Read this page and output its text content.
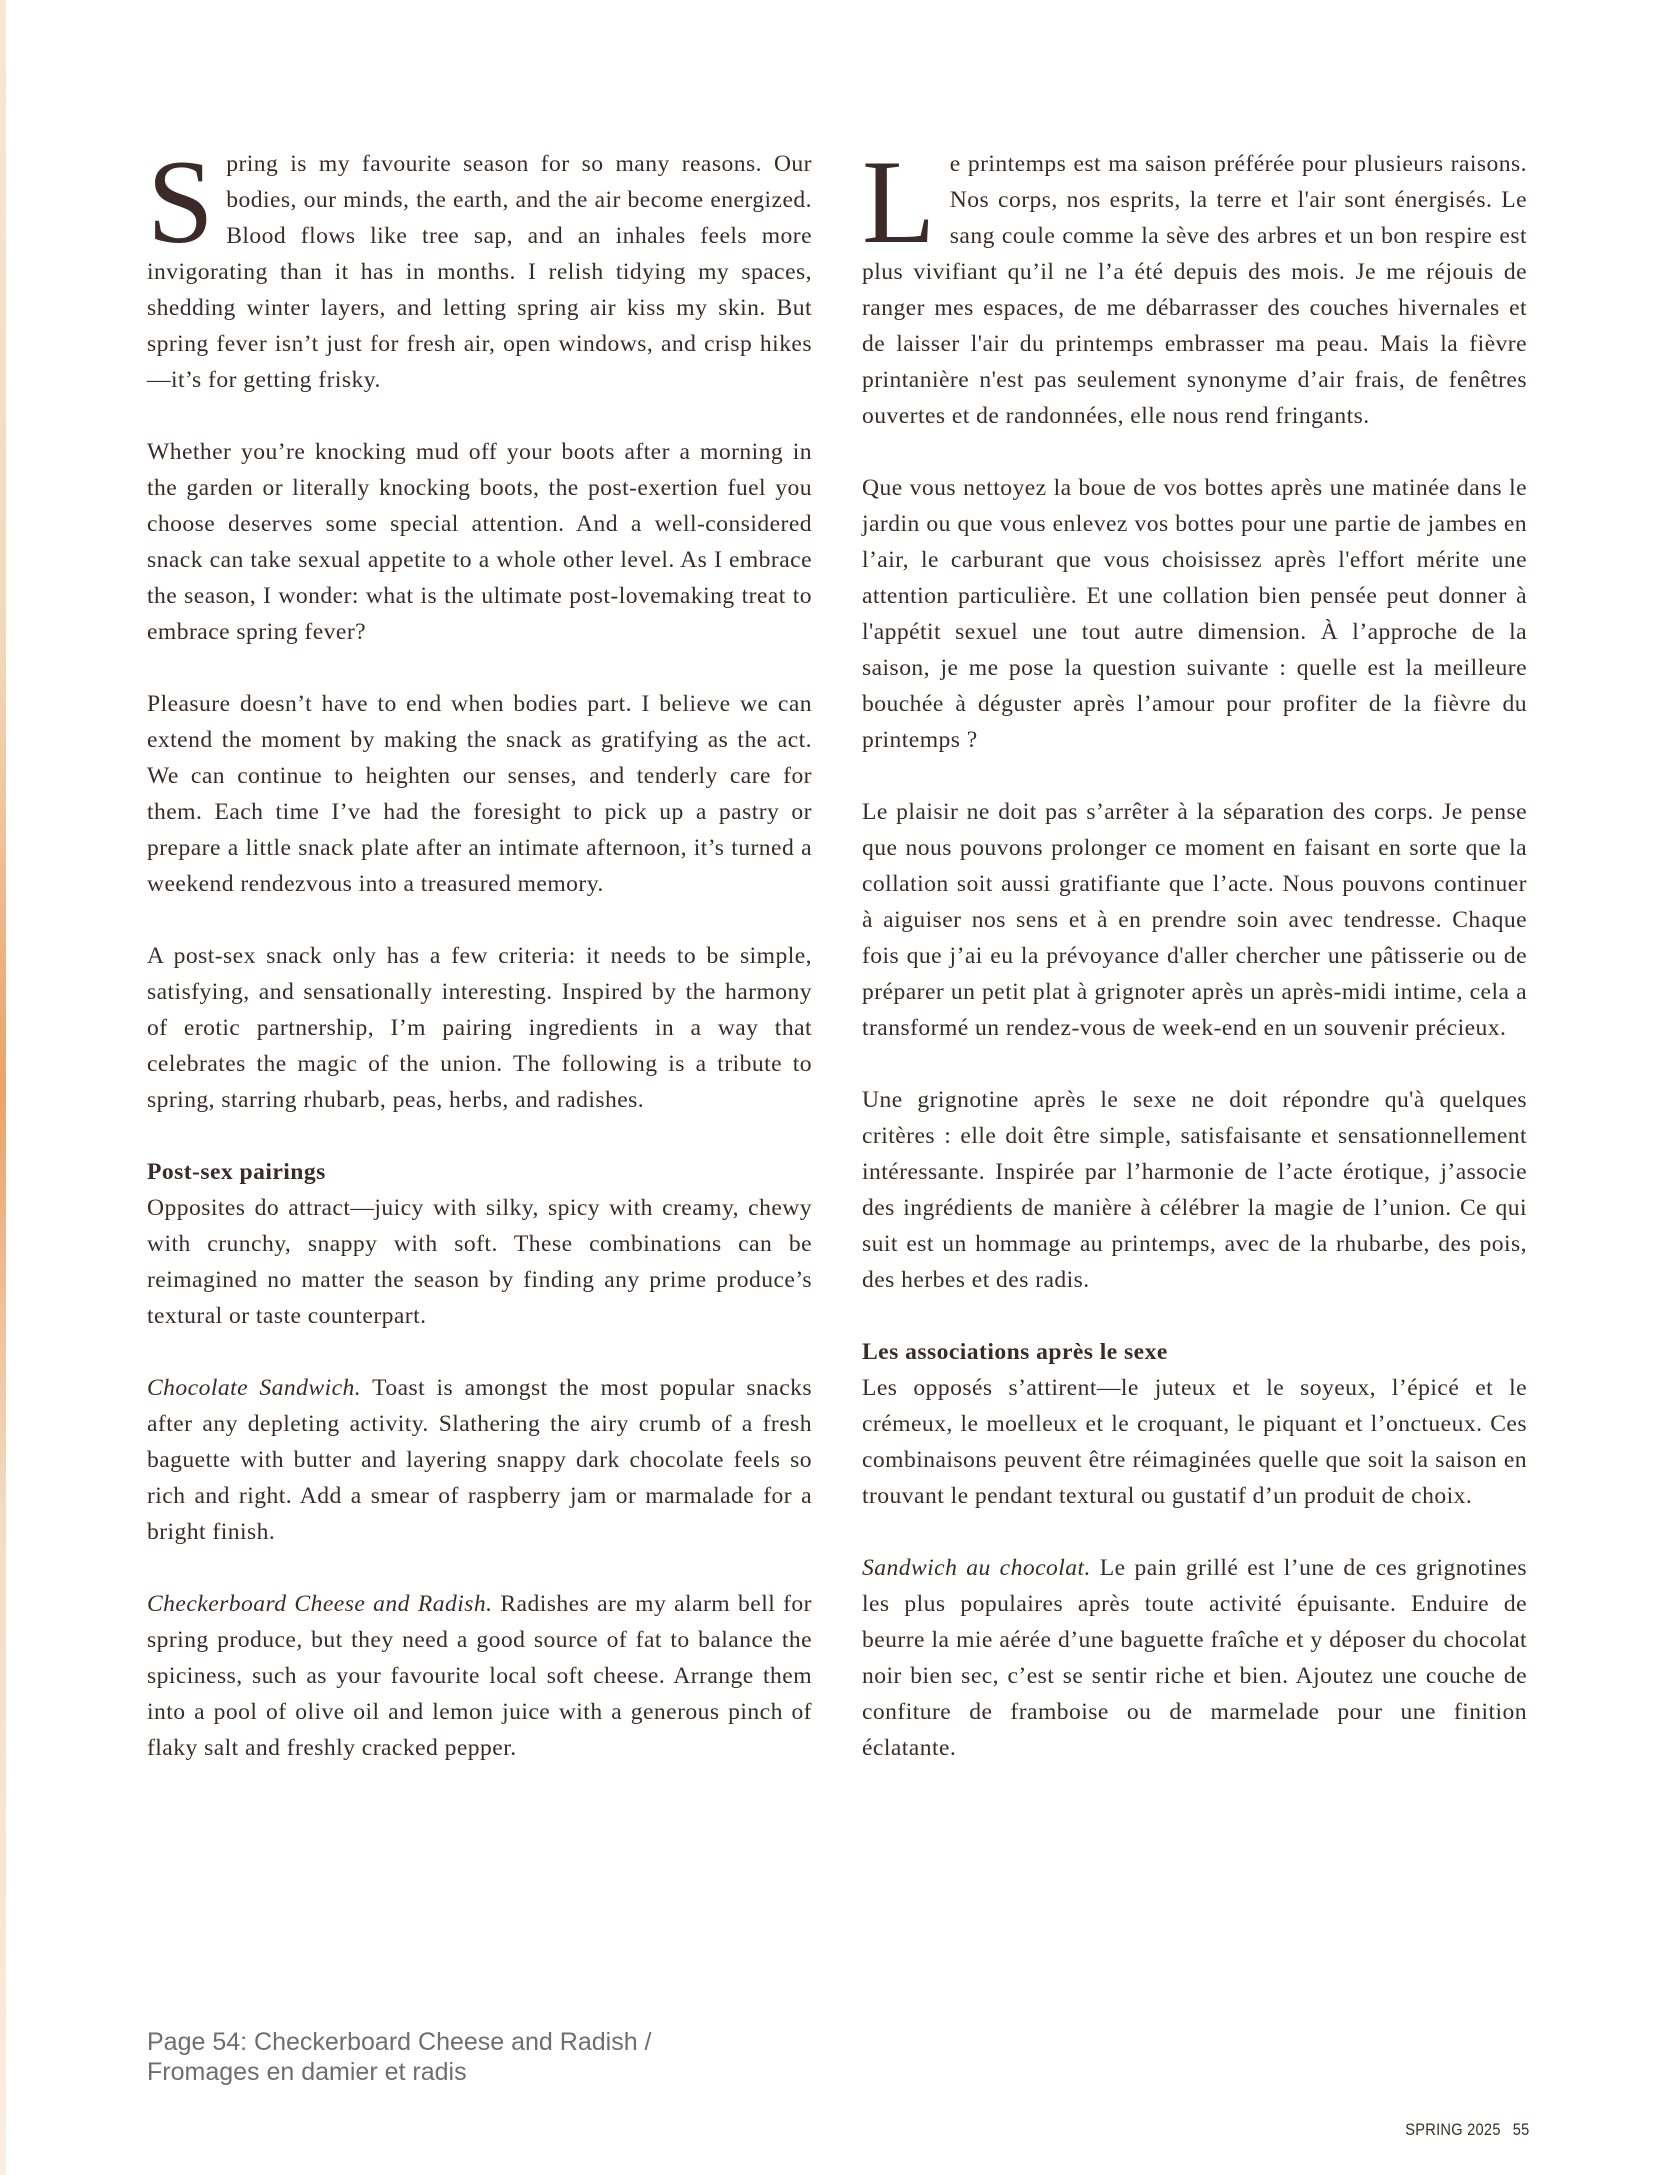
Spring is my favourite season for so many reasons. Our bodies, our minds, the earth, and the air become energized. Blood flows like tree sap, and an inhales feels more invigorating than it has in months. I relish tidying my spaces, shedding winter layers, and letting spring air kiss my skin. But spring fever isn’t just for fresh air, open windows, and crisp hikes—it’s for getting frisky.

Whether you’re knocking mud off your boots after a morning in the garden or literally knocking boots, the post-exertion fuel you choose deserves some special attention. And a well-considered snack can take sexual appetite to a whole other level. As I embrace the season, I wonder: what is the ultimate post-lovemaking treat to embrace spring fever?

Pleasure doesn’t have to end when bodies part. I believe we can extend the moment by making the snack as gratifying as the act. We can continue to heighten our senses, and tenderly care for them. Each time I’ve had the foresight to pick up a pastry or prepare a little snack plate after an intimate afternoon, it’s turned a weekend rendezvous into a treasured memory.

A post-sex snack only has a few criteria: it needs to be simple, satisfying, and sensationally interesting. Inspired by the harmony of erotic partnership, I’m pairing ingredients in a way that celebrates the magic of the union. The following is a tribute to spring, starring rhubarb, peas, herbs, and radishes.

Post-sex pairings

Opposites do attract—juicy with silky, spicy with creamy, chewy with crunchy, snappy with soft. These combinations can be reimagined no matter the season by finding any prime produce’s textural or taste counterpart.

Chocolate Sandwich. Toast is amongst the most popular snacks after any depleting activity. Slathering the airy crumb of a fresh baguette with butter and layering snappy dark chocolate feels so rich and right. Add a smear of raspberry jam or marmalade for a bright finish.

Checkerboard Cheese and Radish. Radishes are my alarm bell for spring produce, but they need a good source of fat to balance the spiciness, such as your favourite local soft cheese. Arrange them into a pool of olive oil and lemon juice with a generous pinch of flaky salt and freshly cracked pepper.

Le printemps est ma saison préférée pour plusieurs raisons. Nos corps, nos esprits, la terre et l'air sont énergisés. Le sang coule comme la sève des arbres et un bon respire est plus vivifiant qu’il ne l’a été depuis des mois. Je me réjouis de ranger mes espaces, de me débarrasser des couches hivernales et de laisser l'air du printemps embrasser ma peau. Mais la fièvre printanière n'est pas seulement synonyme d’air frais, de fenêtres ouvertes et de randonnées, elle nous rend fringants.

Que vous nettoyez la boue de vos bottes après une matinée dans le jardin ou que vous enlevez vos bottes pour une partie de jambes en l’air, le carburant que vous choisissez après l'effort mérite une attention particulière. Et une collation bien pensée peut donner à l'appétit sexuel une tout autre dimension. À l’approche de la saison, je me pose la question suivante : quelle est la meilleure bouchée à déguster après l’amour pour profiter de la fièvre du printemps ?

Le plaisir ne doit pas s’arrêter à la séparation des corps. Je pense que nous pouvons prolonger ce moment en faisant en sorte que la collation soit aussi gratifiante que l’acte. Nous pouvons continuer à aiguiser nos sens et à en prendre soin avec tendresse. Chaque fois que j’ai eu la prévoyance d'aller chercher une pâtisserie ou de préparer un petit plat à grignoter après un après-midi intime, cela a transformé un rendez-vous de week-end en un souvenir précieux.

Une grignotine après le sexe ne doit répondre qu'à quelques critères : elle doit être simple, satisfaisante et sensationnellement intéressante. Inspirée par l’harmonie de l’acte érotique, j’associe des ingrédients de manière à célébrer la magie de l’union. Ce qui suit est un hommage au printemps, avec de la rhubarbe, des pois, des herbes et des radis.

Les associations après le sexe

Les opposés s’attirent—le juteux et le soyeux, l’épicé et le crémeux, le moelleux et le croquant, le piquant et l’onctueux. Ces combinaisons peuvent être réimaginées quelle que soit la saison en trouvant le pendant textural ou gustatif d’un produit de choix.

Sandwich au chocolat. Le pain grillé est l’une de ces grignotines les plus populaires après toute activité épuisante. Enduire de beurre la mie aérée d’une baguette fraîche et y déposer du chocolat noir bien sec, c’est se sentir riche et bien. Ajoutez une couche de confiture de framboise ou de marmelade pour une finition éclatante.

Page 54: Checkerboard Cheese and Radish /
Fromages en damier et radis
SPRING 2025 55
